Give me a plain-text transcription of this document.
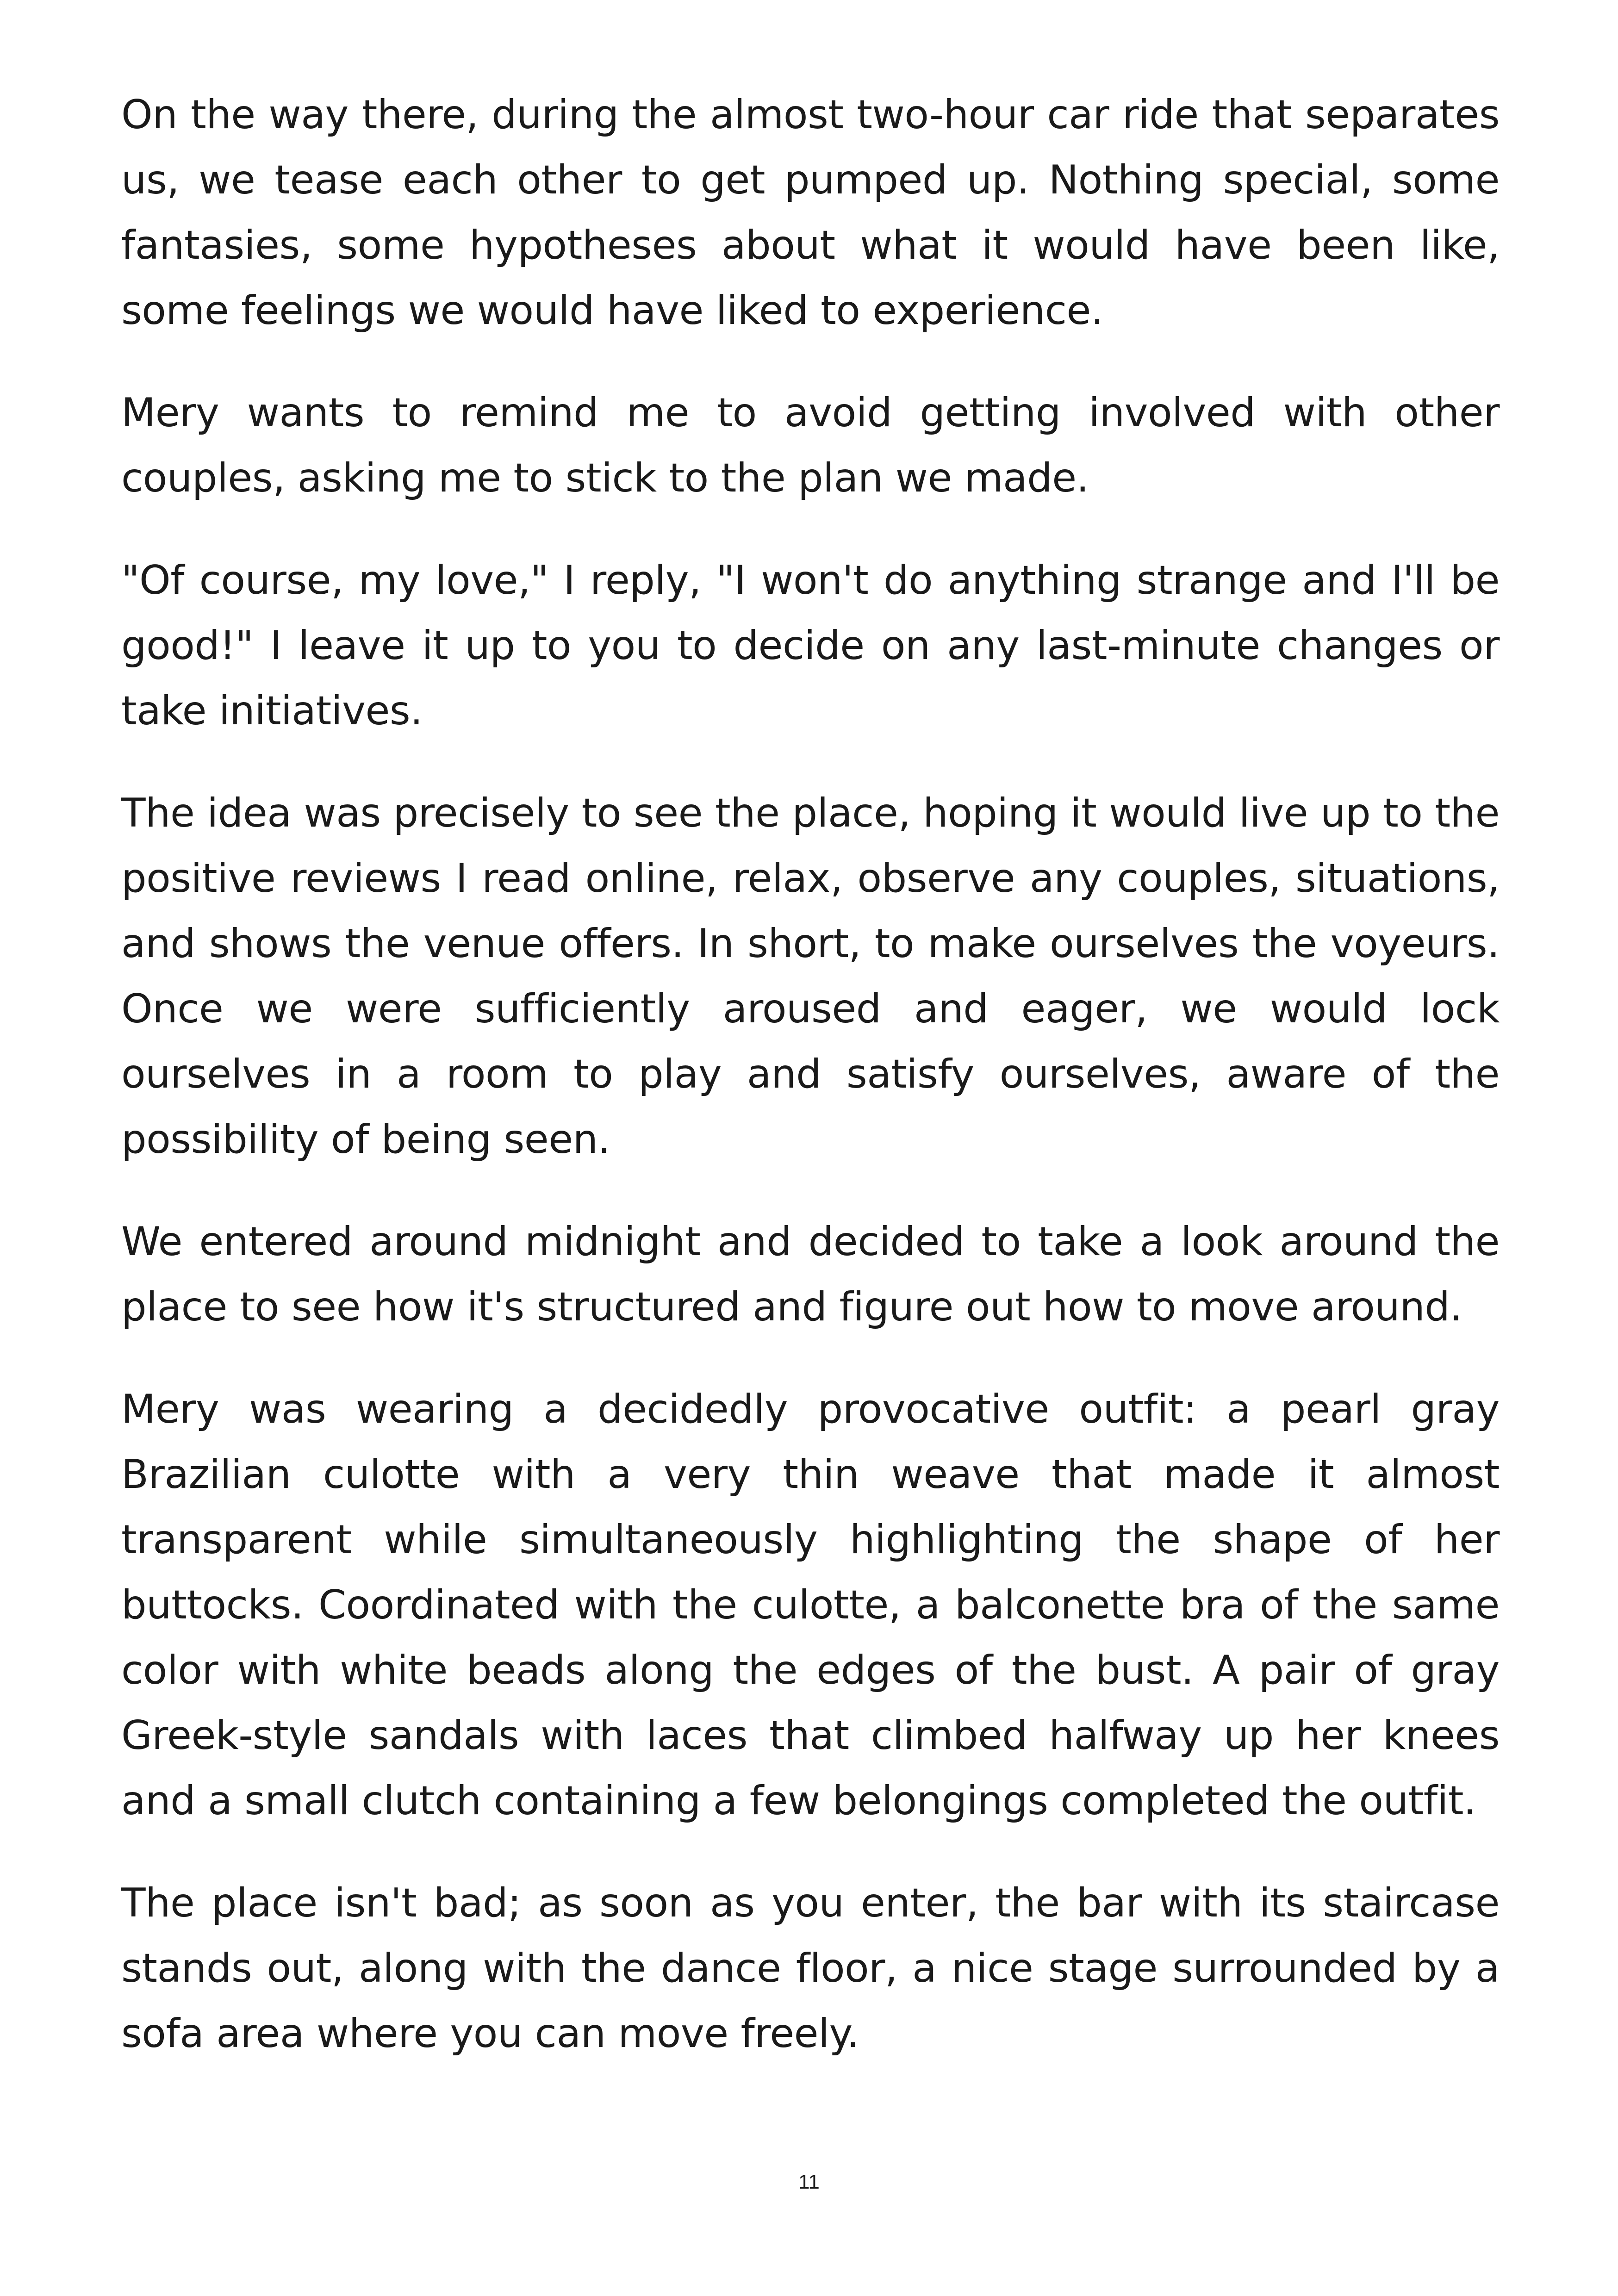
On the way there, during the almost two-hour car ride that separates us, we tease each other to get pumped up. Nothing special, some fantasies, some hypotheses about what it would have been like, some feelings we would have liked to experience.

Mery wants to remind me to avoid getting involved with other couples, asking me to stick to the plan we made.

"Of course, my love," I reply, "I won't do anything strange and I'll be good!" I leave it up to you to decide on any last-minute changes or take initiatives.

The idea was precisely to see the place, hoping it would live up to the positive reviews I read online, relax, observe any couples, situations, and shows the venue offers. In short, to make ourselves the voyeurs. Once we were sufficiently aroused and eager, we would lock ourselves in a room to play and satisfy ourselves, aware of the possibility of being seen.

We entered around midnight and decided to take a look around the place to see how it's structured and figure out how to move around.

Mery was wearing a decidedly provocative outfit: a pearl gray Brazilian culotte with a very thin weave that made it almost transparent while simultaneously highlighting the shape of her buttocks. Coordinated with the culotte, a balconette bra of the same color with white beads along the edges of the bust. A pair of gray Greek-style sandals with laces that climbed halfway up her knees and a small clutch containing a few belongings completed the outfit.

The place isn't bad; as soon as you enter, the bar with its staircase stands out, along with the dance floor, a nice stage surrounded by a sofa area where you can move freely.

11
